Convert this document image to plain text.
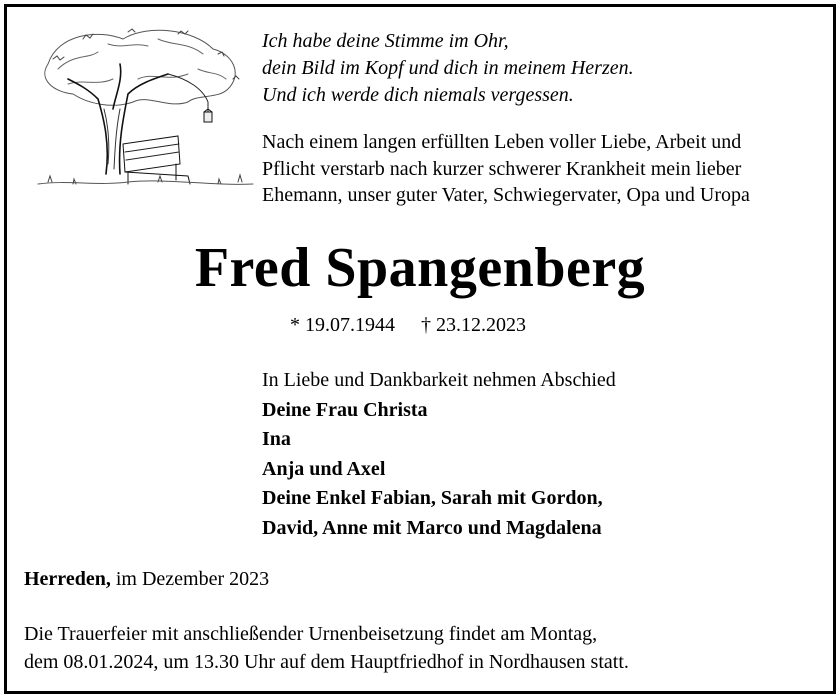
Ich habe deine Stimme im Ohr,
dein Bild im Kopf und dich in meinem Herzen.
Und ich werde dich niemals vergessen.
Nach einem langen erfüllten Leben voller Liebe, Arbeit und
Pflicht verstarb nach kurzer schwerer Krankheit mein lieber
Ehemann, unser guter Vater, Schwiegervater, Opa und Uropa
Fred Spangenberg
* 19.07.1944 † 23.12.2023
In Liebe und Dankbarkeit nehmen Abschied
Deine Frau Christa
Ina
Anja und Axel
Deine Enkel Fabian, Sarah mit Gordon,
David, Anne mit Marco und Magdalena
Herreden, im Dezember 2023
Die Trauerfeier mit anschließender Urnenbeisetzung findet am Montag,
dem 08.01.2024, um 13.30 Uhr auf dem Hauptfriedhof in Nordhausen statt.
